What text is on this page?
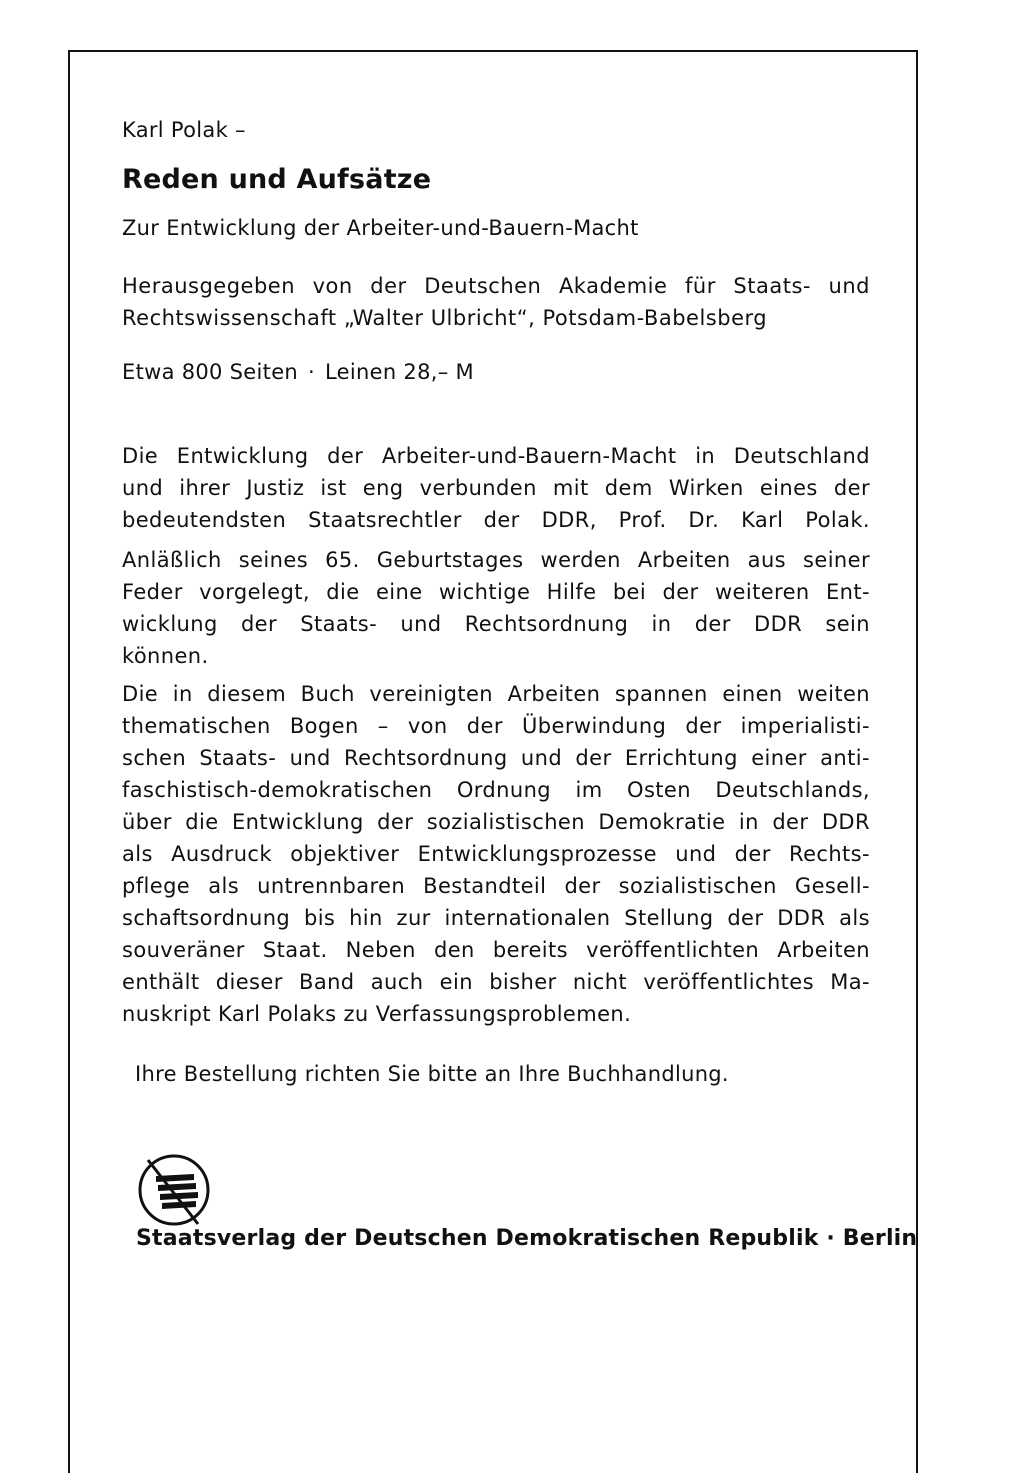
Karl Polak –
Reden und Aufsätze
Zur Entwicklung der Arbeiter-und-Bauern-Macht
Herausgegeben von der Deutschen Akademie für Staats- und
Rechtswissenschaft „Walter Ulbricht“, Potsdam-Babelsberg
Etwa 800 Seiten · Leinen 28,– M
Die Entwicklung der Arbeiter-und-Bauern-Macht in Deutschland
und ihrer Justiz ist eng verbunden mit dem Wirken eines der
bedeutendsten Staatsrechtler der DDR, Prof. Dr. Karl Polak.
Anläßlich seines 65. Geburtstages werden Arbeiten aus seiner
Feder vorgelegt, die eine wichtige Hilfe bei der weiteren Ent-
wicklung der Staats- und Rechtsordnung in der DDR sein
können.
Die in diesem Buch vereinigten Arbeiten spannen einen weiten
thematischen Bogen – von der Überwindung der imperialisti-
schen Staats- und Rechtsordnung und der Errichtung einer anti-
faschistisch-demokratischen Ordnung im Osten Deutschlands,
über die Entwicklung der sozialistischen Demokratie in der DDR
als Ausdruck objektiver Entwicklungsprozesse und der Rechts-
pflege als untrennbaren Bestandteil der sozialistischen Gesell-
schaftsordnung bis hin zur internationalen Stellung der DDR als
souveräner Staat. Neben den bereits veröffentlichten Arbeiten
enthält dieser Band auch ein bisher nicht veröffentlichtes Ma-
nuskript Karl Polaks zu Verfassungsproblemen.
Ihre Bestellung richten Sie bitte an Ihre Buchhandlung.
Staatsverlag der Deutschen Demokratischen Republik · Berlin
